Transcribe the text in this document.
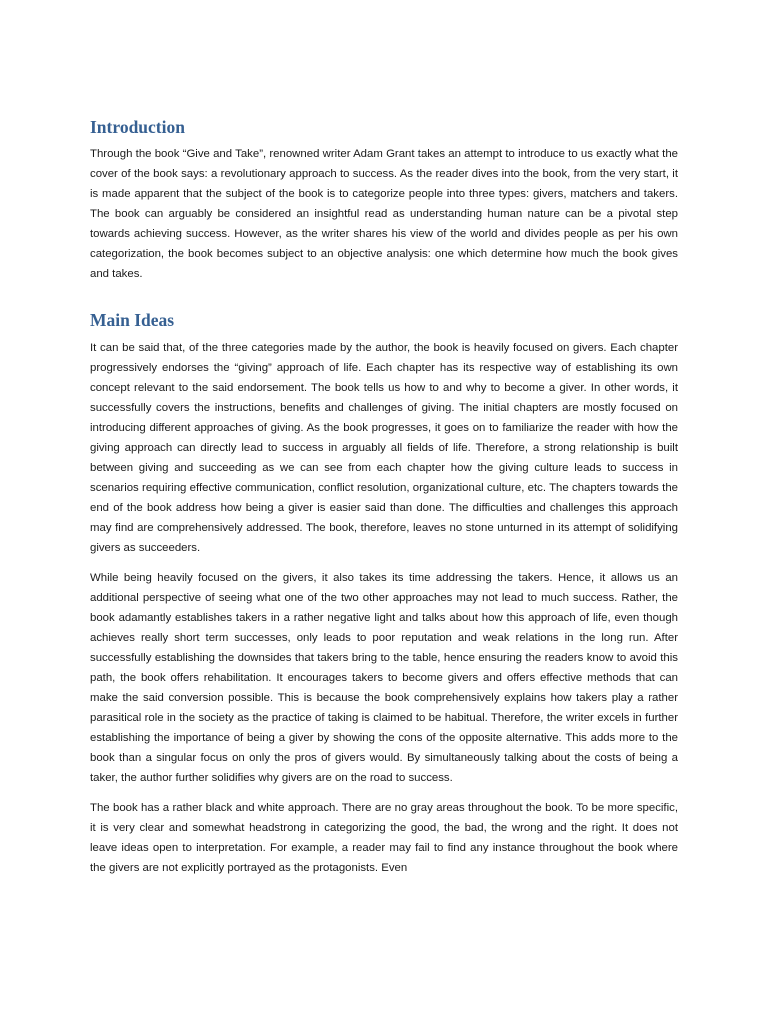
Introduction

Through the book “Give and Take”, renowned writer Adam Grant takes an attempt to introduce to us exactly what the cover of the book says: a revolutionary approach to success. As the reader dives into the book, from the very start, it is made apparent that the subject of the book is to categorize people into three types: givers, matchers and takers. The book can arguably be considered an insightful read as understanding human nature can be a pivotal step towards achieving success. However, as the writer shares his view of the world and divides people as per his own categorization, the book becomes subject to an objective analysis: one which determine how much the book gives and takes.

Main Ideas

It can be said that, of the three categories made by the author, the book is heavily focused on givers. Each chapter progressively endorses the “giving” approach of life. Each chapter has its respective way of establishing its own concept relevant to the said endorsement. The book tells us how to and why to become a giver. In other words, it successfully covers the instructions, benefits and challenges of giving. The initial chapters are mostly focused on introducing different approaches of giving. As the book progresses, it goes on to familiarize the reader with how the giving approach can directly lead to success in arguably all fields of life. Therefore, a strong relationship is built between giving and succeeding as we can see from each chapter how the giving culture leads to success in scenarios requiring effective communication, conflict resolution, organizational culture, etc. The chapters towards the end of the book address how being a giver is easier said than done. The difficulties and challenges this approach may find are comprehensively addressed. The book, therefore, leaves no stone unturned in its attempt of solidifying givers as succeeders.

While being heavily focused on the givers, it also takes its time addressing the takers. Hence, it allows us an additional perspective of seeing what one of the two other approaches may not lead to much success. Rather, the book adamantly establishes takers in a rather negative light and talks about how this approach of life, even though achieves really short term successes, only leads to poor reputation and weak relations in the long run. After successfully establishing the downsides that takers bring to the table, hence ensuring the readers know to avoid this path, the book offers rehabilitation. It encourages takers to become givers and offers effective methods that can make the said conversion possible. This is because the book comprehensively explains how takers play a rather parasitical role in the society as the practice of taking is claimed to be habitual. Therefore, the writer excels in further establishing the importance of being a giver by showing the cons of the opposite alternative. This adds more to the book than a singular focus on only the pros of givers would. By simultaneously talking about the costs of being a taker, the author further solidifies why givers are on the road to success.

The book has a rather black and white approach. There are no gray areas throughout the book. To be more specific, it is very clear and somewhat headstrong in categorizing the good, the bad, the wrong and the right. It does not leave ideas open to interpretation. For example, a reader may fail to find any instance throughout the book where the givers are not explicitly portrayed as the protagonists. Even
